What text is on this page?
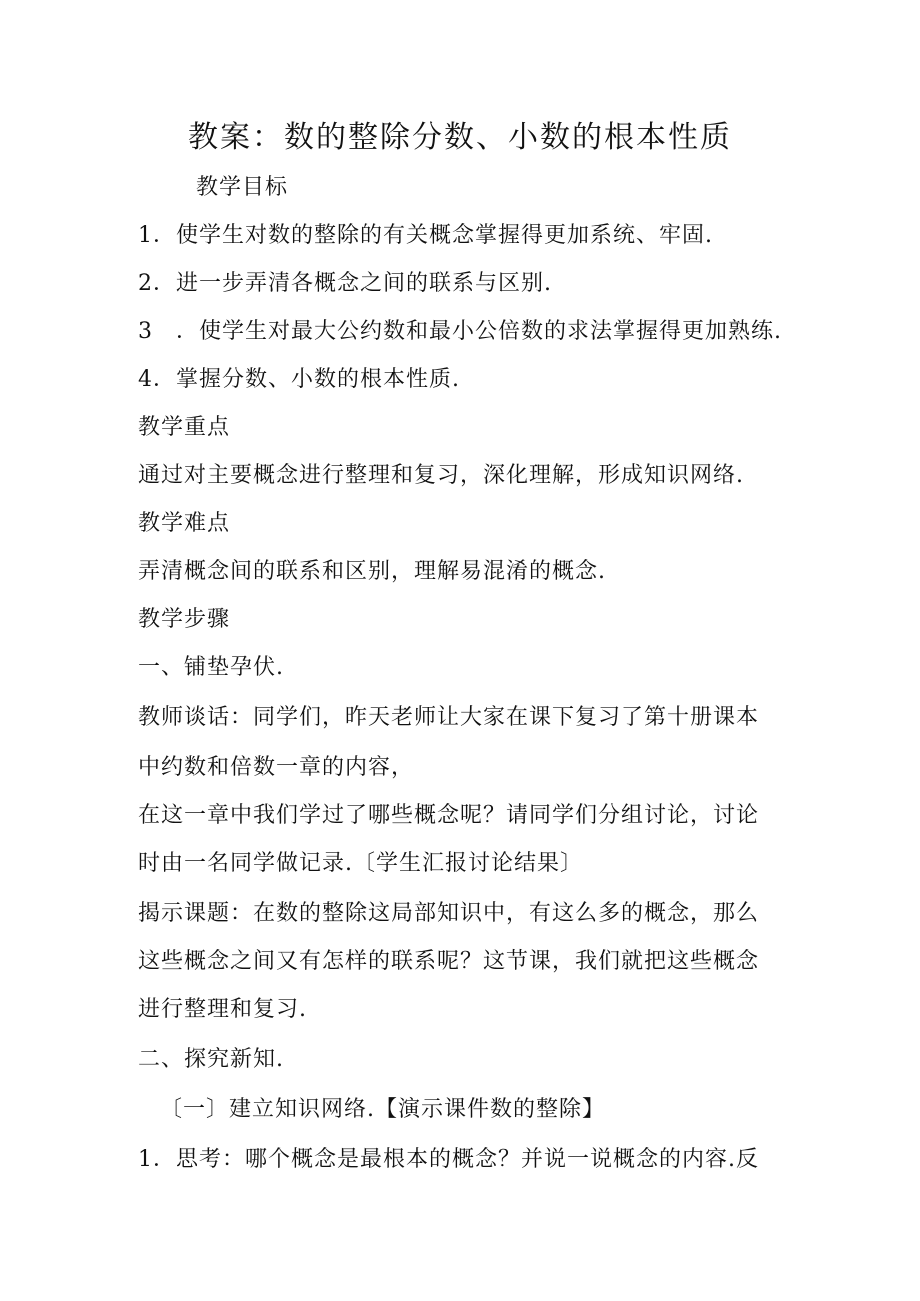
教案：数的整除分数、小数的根本性质
教学目标
1．使学生对数的整除的有关概念掌握得更加系统、牢固.
2．进一步弄清各概念之间的联系与区别.
3　．使学生对最大公约数和最小公倍数的求法掌握得更加熟练.
4．掌握分数、小数的根本性质.
教学重点
通过对主要概念进行整理和复习，深化理解，形成知识网络.
教学难点
弄清概念间的联系和区别，理解易混淆的概念.
教学步骤
一、铺垫孕伏.
教师谈话：同学们，昨天老师让大家在课下复习了第十册课本
中约数和倍数一章的内容，
在这一章中我们学过了哪些概念呢？请同学们分组讨论，讨论
时由一名同学做记录.〔学生汇报讨论结果〕
揭示课题：在数的整除这局部知识中，有这么多的概念，那么
这些概念之间又有怎样的联系呢？这节课，我们就把这些概念
进行整理和复习.
二、探究新知.
〔一〕建立知识网络.【演示课件数的整除】
1．思考：哪个概念是最根本的概念？并说一说概念的内容.反
